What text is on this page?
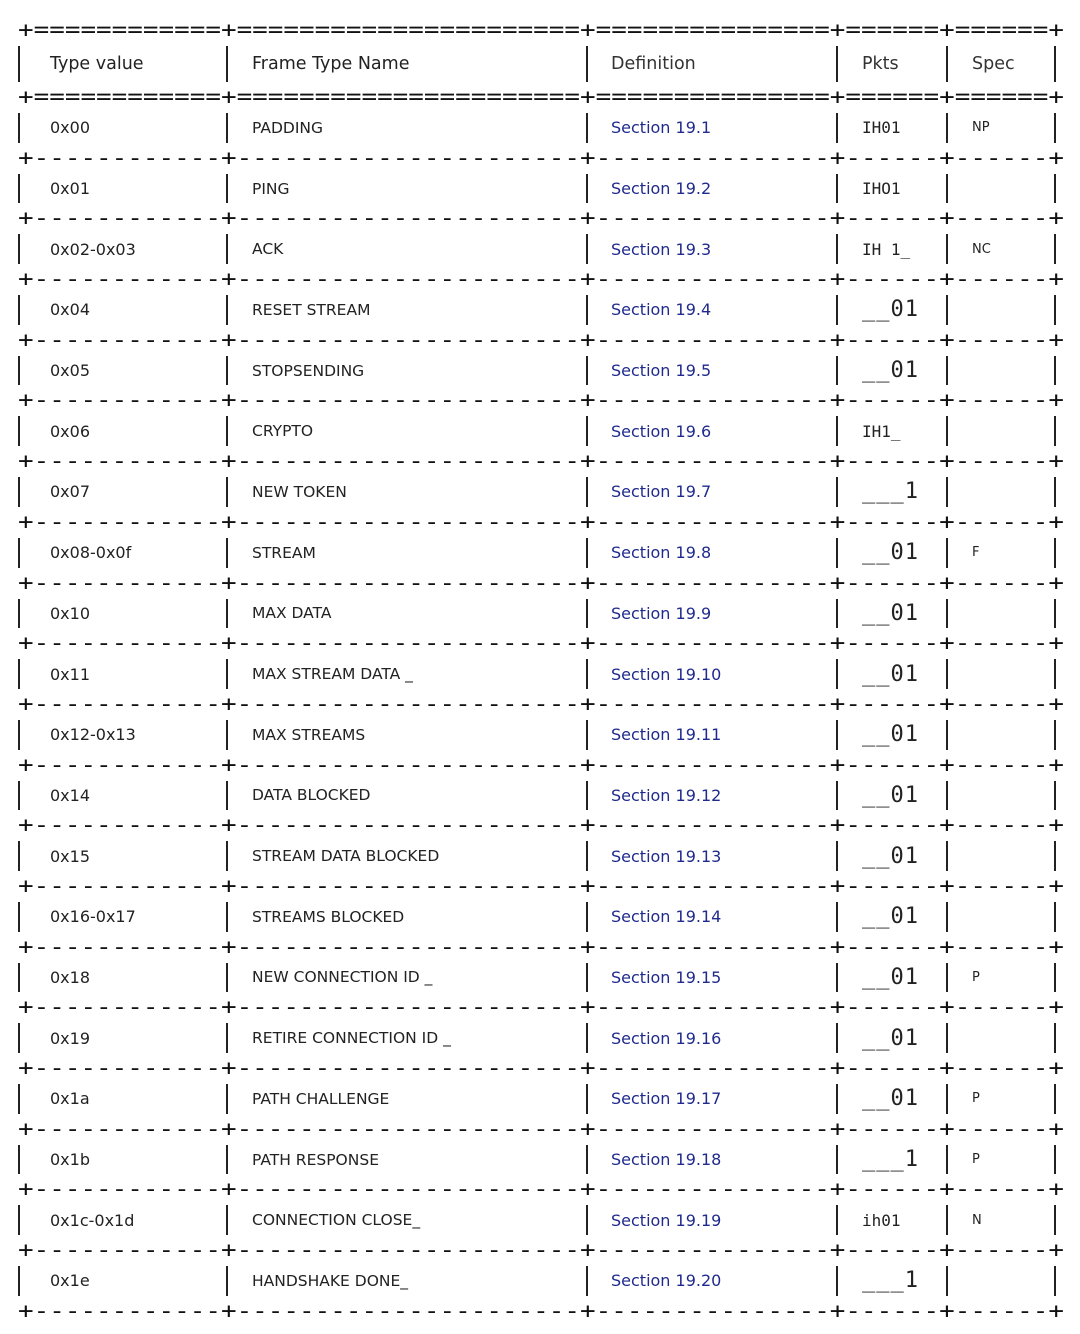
+============+======================+===============+======+======+
Type value	Frame Type Name	Definition	Pkts	Spec
+============+======================+===============+======+======+
0x00	PADDING	Section 19.1	IH01	NP
+------------+----------------------+---------------+------+------+
0x01	PING	Section 19.2	IHO1
+------------+----------------------+---------------+------+------+
0x02-0x03	ACK	Section 19.3	IH 1_	NC
+------------+----------------------+---------------+------+------+
0x04	RESET STREAM	Section 19.4	__01
+------------+----------------------+---------------+------+------+
0x05	STOPSENDING	Section 19.5	__01
+------------+----------------------+---------------+------+------+
0x06	CRYPTO	Section 19.6	IH1_
+------------+----------------------+---------------+------+------+
0x07	NEW TOKEN	Section 19.7	___1
+------------+----------------------+---------------+------+------+
0x08-0x0f	STREAM	Section 19.8	__01	F
+------------+----------------------+---------------+------+------+
0x10	MAX DATA	Section 19.9	__01
+------------+----------------------+---------------+------+------+
0x11	MAX STREAM DATA _	Section 19.10	__01
+------------+----------------------+---------------+------+------+
0x12-0x13	MAX STREAMS	Section 19.11	__01
+------------+----------------------+---------------+------+------+
0x14	DATA BLOCKED	Section 19.12	__01
+------------+----------------------+---------------+------+------+
0x15	STREAM DATA BLOCKED	Section 19.13	__01
+------------+----------------------+---------------+------+------+
0x16-0x17	STREAMS BLOCKED	Section 19.14	__01
+------------+----------------------+---------------+------+------+
0x18	NEW CONNECTION ID _	Section 19.15	__01	P
+------------+----------------------+---------------+------+------+
0x19	RETIRE CONNECTION ID _	Section 19.16	__01
+------------+----------------------+---------------+------+------+
0x1a	PATH CHALLENGE	Section 19.17	__01	P
+------------+----------------------+---------------+------+------+
0x1b	PATH RESPONSE	Section 19.18	___1	P
+------------+----------------------+---------------+------+------+
0x1c-0x1d	CONNECTION CLOSE_	Section 19.19	ih01	N
+------------+----------------------+---------------+------+------+
0x1e	HANDSHAKE DONE_	Section 19.20	___1
+------------+----------------------+---------------+------+------+
